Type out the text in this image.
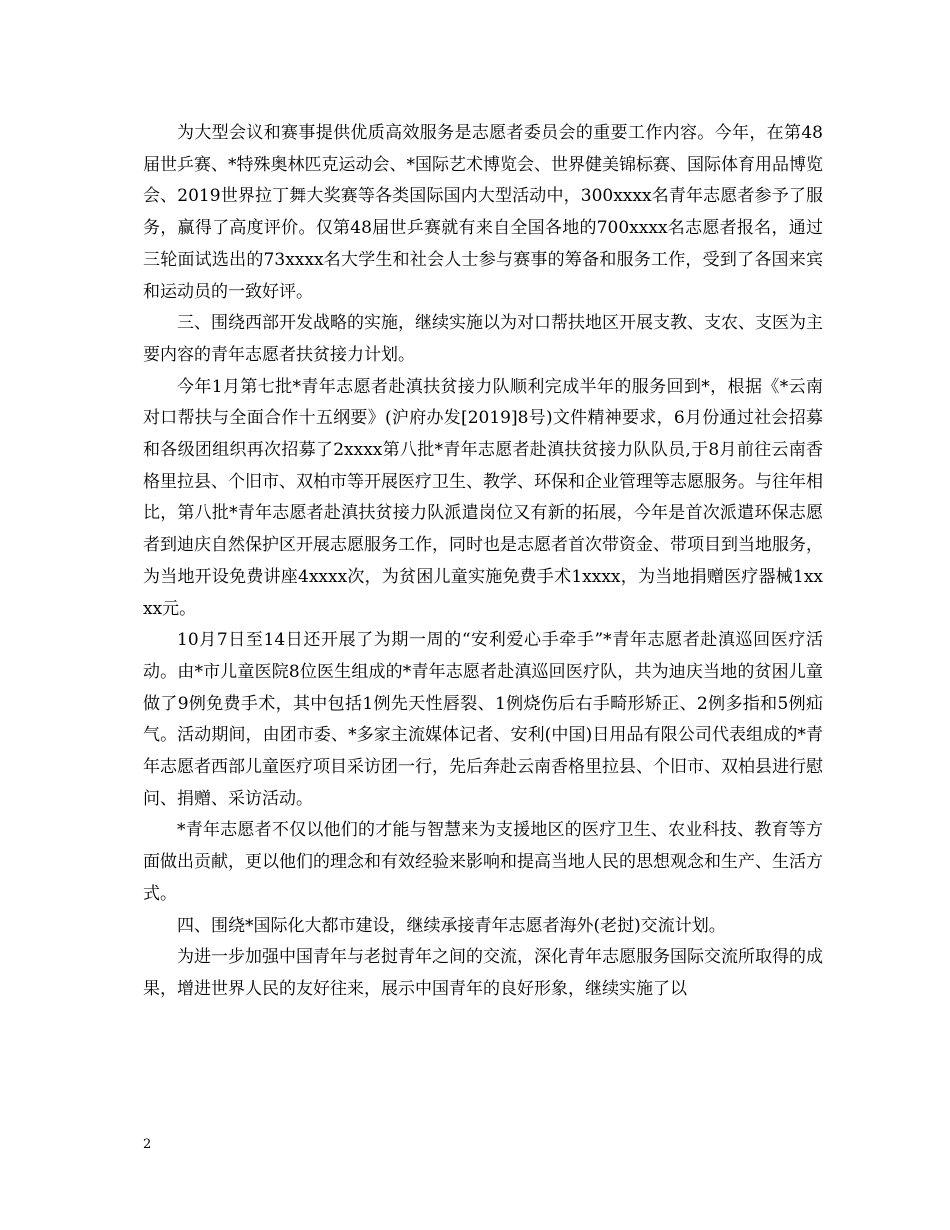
为大型会议和赛事提供优质高效服务是志愿者委员会的重要工作内容。今年，在第48届世乒赛、*特殊奥林匹克运动会、*国际艺术博览会、世界健美锦标赛、国际体育用品博览会、2019世界拉丁舞大奖赛等各类国际国内大型活动中，300xxxx名青年志愿者参予了服务，赢得了高度评价。仅第48届世乒赛就有来自全国各地的700xxxx名志愿者报名，通过三轮面试选出的73xxxx名大学生和社会人士参与赛事的筹备和服务工作，受到了各国来宾和运动员的一致好评。

三、围绕西部开发战略的实施，继续实施以为对口帮扶地区开展支教、支农、支医为主要内容的青年志愿者扶贫接力计划。

今年1月第七批*青年志愿者赴滇扶贫接力队顺利完成半年的服务回到*，根据《*云南对口帮扶与全面合作十五纲要》(沪府办发[2019]8号)文件精神要求，6月份通过社会招募和各级团组织再次招募了2xxxx第八批*青年志愿者赴滇扶贫接力队队员,于8月前往云南香格里拉县、个旧市、双柏市等开展医疗卫生、教学、环保和企业管理等志愿服务。与往年相比，第八批*青年志愿者赴滇扶贫接力队派遣岗位又有新的拓展，今年是首次派遣环保志愿者到迪庆自然保护区开展志愿服务工作，同时也是志愿者首次带资金、带项目到当地服务，为当地开设免费讲座4xxxx次，为贫困儿童实施免费手术1xxxx，为当地捐赠医疗器械1xxxx元。

10月7日至14日还开展了为期一周的“安利爱心手牵手”*青年志愿者赴滇巡回医疗活动。由*市儿童医院8位医生组成的*青年志愿者赴滇巡回医疗队，共为迪庆当地的贫困儿童做了9例免费手术，其中包括1例先天性唇裂、1例烧伤后右手畸形矫正、2例多指和5例疝气。活动期间，由团市委、*多家主流媒体记者、安利(中国)日用品有限公司代表组成的*青年志愿者西部儿童医疗项目采访团一行，先后奔赴云南香格里拉县、个旧市、双柏县进行慰问、捐赠、采访活动。

*青年志愿者不仅以他们的才能与智慧来为支援地区的医疗卫生、农业科技、教育等方面做出贡献，更以他们的理念和有效经验来影响和提高当地人民的思想观念和生产、生活方式。

四、围绕*国际化大都市建设，继续承接青年志愿者海外(老挝)交流计划。

为进一步加强中国青年与老挝青年之间的交流，深化青年志愿服务国际交流所取得的成果，增进世界人民的友好往来，展示中国青年的良好形象，继续实施了以

2
